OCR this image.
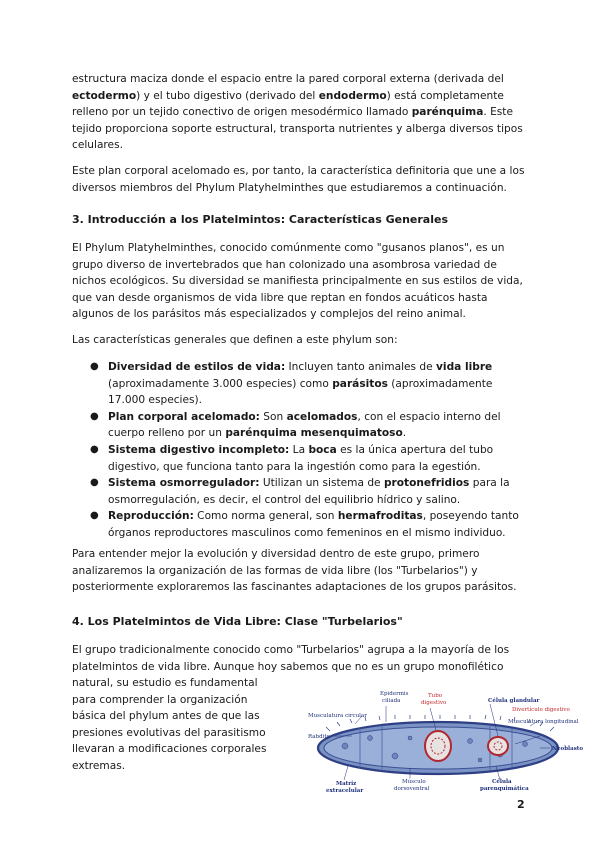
estructura maciza donde el espacio entre la pared corporal externa (derivada del ectodermo) y el tubo digestivo (derivado del endodermo) está completamente relleno por un tejido conectivo de origen mesodérmico llamado parénquima. Este tejido proporciona soporte estructural, transporta nutrientes y alberga diversos tipos celulares.

Este plan corporal acelomado es, por tanto, la característica definitoria que une a los diversos miembros del Phylum Platyhelminthes que estudiaremos a continuación.

3. Introducción a los Platelmintos: Características Generales

El Phylum Platyhelminthes, conocido comúnmente como "gusanos planos", es un grupo diverso de invertebrados que han colonizado una asombrosa variedad de nichos ecológicos. Su diversidad se manifiesta principalmente en sus estilos de vida, que van desde organismos de vida libre que reptan en fondos acuáticos hasta algunos de los parásitos más especializados y complejos del reino animal.

Las características generales que definen a este phylum son:

● Diversidad de estilos de vida: Incluyen tanto animales de vida libre (aproximadamente 3.000 especies) como parásitos (aproximadamente 17.000 especies).
● Plan corporal acelomado: Son acelomados, con el espacio interno del cuerpo relleno por un parénquima mesenquimatoso.
● Sistema digestivo incompleto: La boca es la única apertura del tubo digestivo, que funciona tanto para la ingestión como para la egestión.
● Sistema osmorregulador: Utilizan un sistema de protonefridios para la osmorregulación, es decir, el control del equilibrio hídrico y salino.
● Reproducción: Como norma general, son hermafroditas, poseyendo tanto órganos reproductores masculinos como femeninos en el mismo individuo.

Para entender mejor la evolución y diversidad dentro de este grupo, primero analizaremos la organización de las formas de vida libre (los "Turbelarios") y posteriormente exploraremos las fascinantes adaptaciones de los grupos parásitos.

4. Los Platelmintos de Vida Libre: Clase "Turbelarios"

El grupo tradicionalmente conocido como "Turbelarios" agrupa a la mayoría de los platelmintos de vida libre. Aunque hoy sabemos que no es un grupo monofilético

natural, su estudio es fundamental para comprender la organización básica del phylum antes de que las presiones evolutivas del parasitismo llevaran a modificaciones corporales extremas.

Epidermis
ciliada
Tubo
digestivo
Musculatura circular
Rabdito
Célula glandular
Divertículo digestivo
Musculatura longitudinal
Neoblasto
Matriz
extracelular
Músculo
dorsoventral
Célula
parenquimática
2
